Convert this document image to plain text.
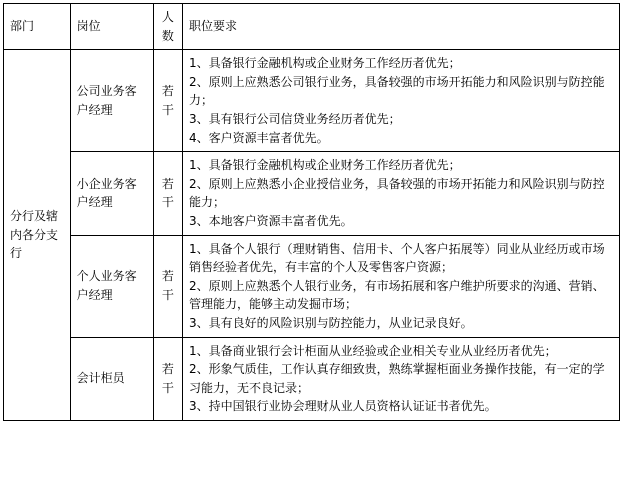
部门	岗位	人数	职位要求
分行及辖内各分支行	公司业务客户经理	若干	1、具备银行金融机构或企业财务工作经历者优先；
2、原则上应熟悉公司银行业务，具备较强的市场开拓能力和风险识别与防控能力；
3、具有银行公司信贷业务经历者优先；
4、客户资源丰富者优先。

	小企业务客户经理	若干	1、具备银行金融机构或企业财务工作经历者优先；
2、原则上应熟悉小企业授信业务，具备较强的市场开拓能力和风险识别与防控能力；
3、本地客户资源丰富者优先。

	个人业务客户经理	若干	1、具备个人银行（理财销售、信用卡、个人客户拓展等）同业从业经历或市场销售经验者优先，有丰富的个人及零售客户资源；
2、原则上应熟悉个人银行业务，有市场拓展和客户维护所要求的沟通、营销、管理能力，能够主动发掘市场；
3、具有良好的风险识别与防控能力，从业记录良好。

	会计柜员	若干	1、具备商业银行会计柜面从业经验或企业相关专业从业经历者优先；
2、形象气质佳，工作认真存细致贵，熟练掌握柜面业务操作技能，有一定的学习能力，无不良记录；
3、持中国银行业协会理财从业人员资格认证证书者优先。
